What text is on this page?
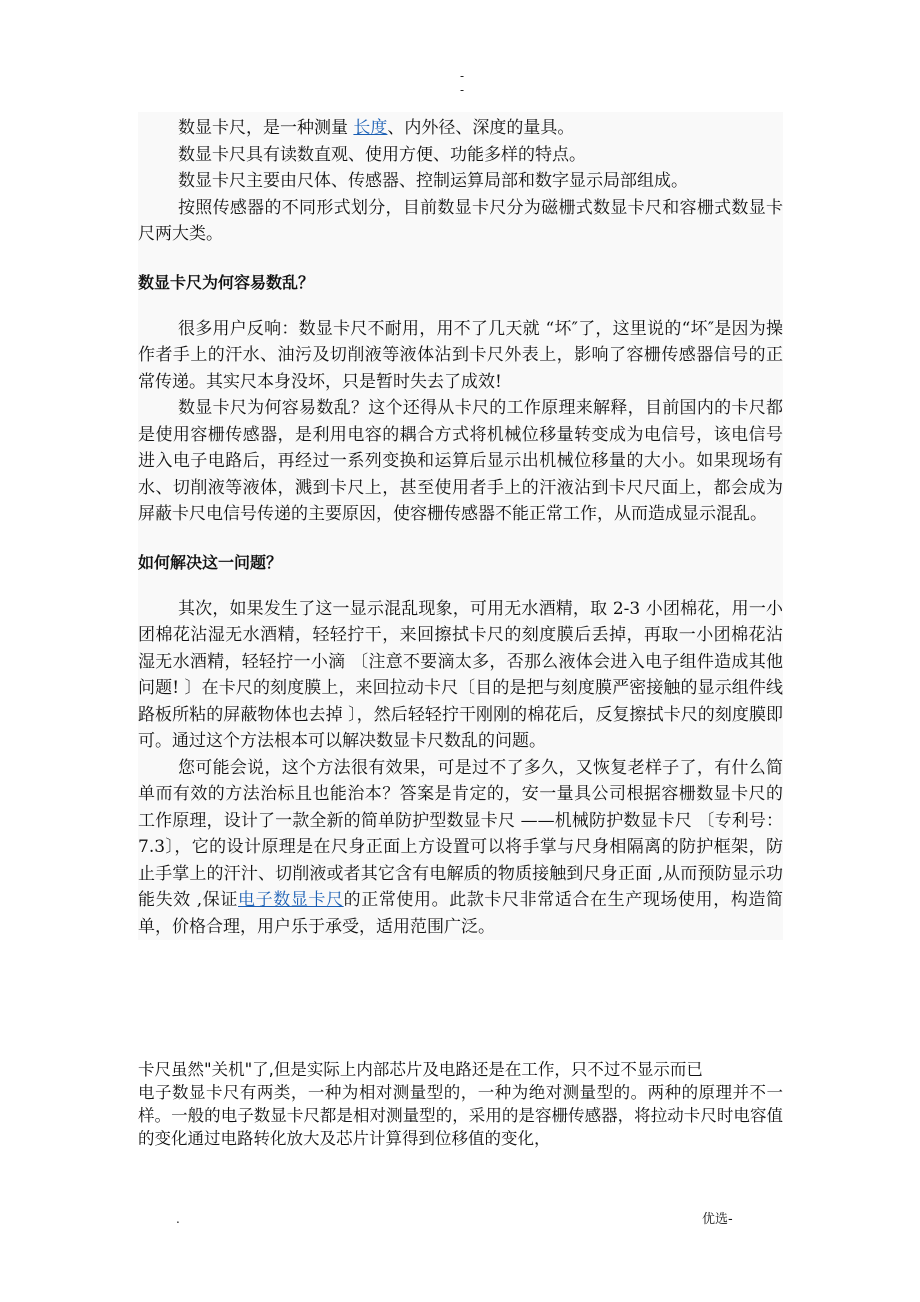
-
-

数显卡尺，是一种测量 长度、内外径、深度的量具。

数显卡尺具有读数直观、使用方便、功能多样的特点。

数显卡尺主要由尺体、传感器、控制运算局部和数字显示局部组成。

按照传感器的不同形式划分，目前数显卡尺分为磁栅式数显卡尺和容栅式数显卡尺两大类。

数显卡尺为何容易数乱？

很多用户反响：数显卡尺不耐用，用不了几天就 “坏″了，这里说的“坏″是因为操作者手上的汗水、油污及切削液等液体沾到卡尺外表上，影响了容栅传感器信号的正常传递。其实尺本身没坏，只是暂时失去了成效!

数显卡尺为何容易数乱？这个还得从卡尺的工作原理来解释，目前国内的卡尺都是使用容栅传感器，是利用电容的耦合方式将机械位移量转变成为电信号，该电信号进入电子电路后，再经过一系列变换和运算后显示出机械位移量的大小。如果现场有水、切削液等液体，溅到卡尺上，甚至使用者手上的汗液沾到卡尺尺面上，都会成为屏蔽卡尺电信号传递的主要原因，使容栅传感器不能正常工作，从而造成显示混乱。

如何解决这一问题？

其次，如果发生了这一显示混乱现象，可用无水酒精，取 2-3 小团棉花，用一小团棉花沾湿无水酒精，轻轻拧干，来回擦拭卡尺的刻度膜后丢掉，再取一小团棉花沾湿无水酒精，轻轻拧一小滴 〔注意不要滴太多，否那么液体会进入电子组件造成其他问题! 〕在卡尺的刻度膜上，来回拉动卡尺〔目的是把与刻度膜严密接触的显示组件线路板所粘的屏蔽物体也去掉 〕，然后轻轻拧干刚刚的棉花后，反复擦拭卡尺的刻度膜即可。通过这个方法根本可以解决数显卡尺数乱的问题。

您可能会说，这个方法很有效果，可是过不了多久，又恢复老样子了，有什么简单而有效的方法治标且也能治本？答案是肯定的，安一量具公司根据容栅数显卡尺的工作原理，设计了一款全新的简单防护型数显卡尺 ——机械防护数显卡尺 〔专利号：7.3〕，它的设计原理是在尺身正面上方设置可以将手掌与尺身相隔离的防护框架，防止手掌上的汗汁、切削液或者其它含有电解质的物质接触到尺身正面 ,从而预防显示功能失效 ,保证电子数显卡尺的正常使用。此款卡尺非常适合在生产现场使用，构造简单，价格合理，用户乐于承受，适用范围广泛。

卡尺虽然"关机"了,但是实际上内部芯片及电路还是在工作，只不过不显示而已

电子数显卡尺有两类，一种为相对测量型的，一种为绝对测量型的。两种的原理并不一样。一般的电子数显卡尺都是相对测量型的，采用的是容栅传感器，将拉动卡尺时电容值的变化通过电路转化放大及芯片计算得到位移值的变化，

.	优选-
